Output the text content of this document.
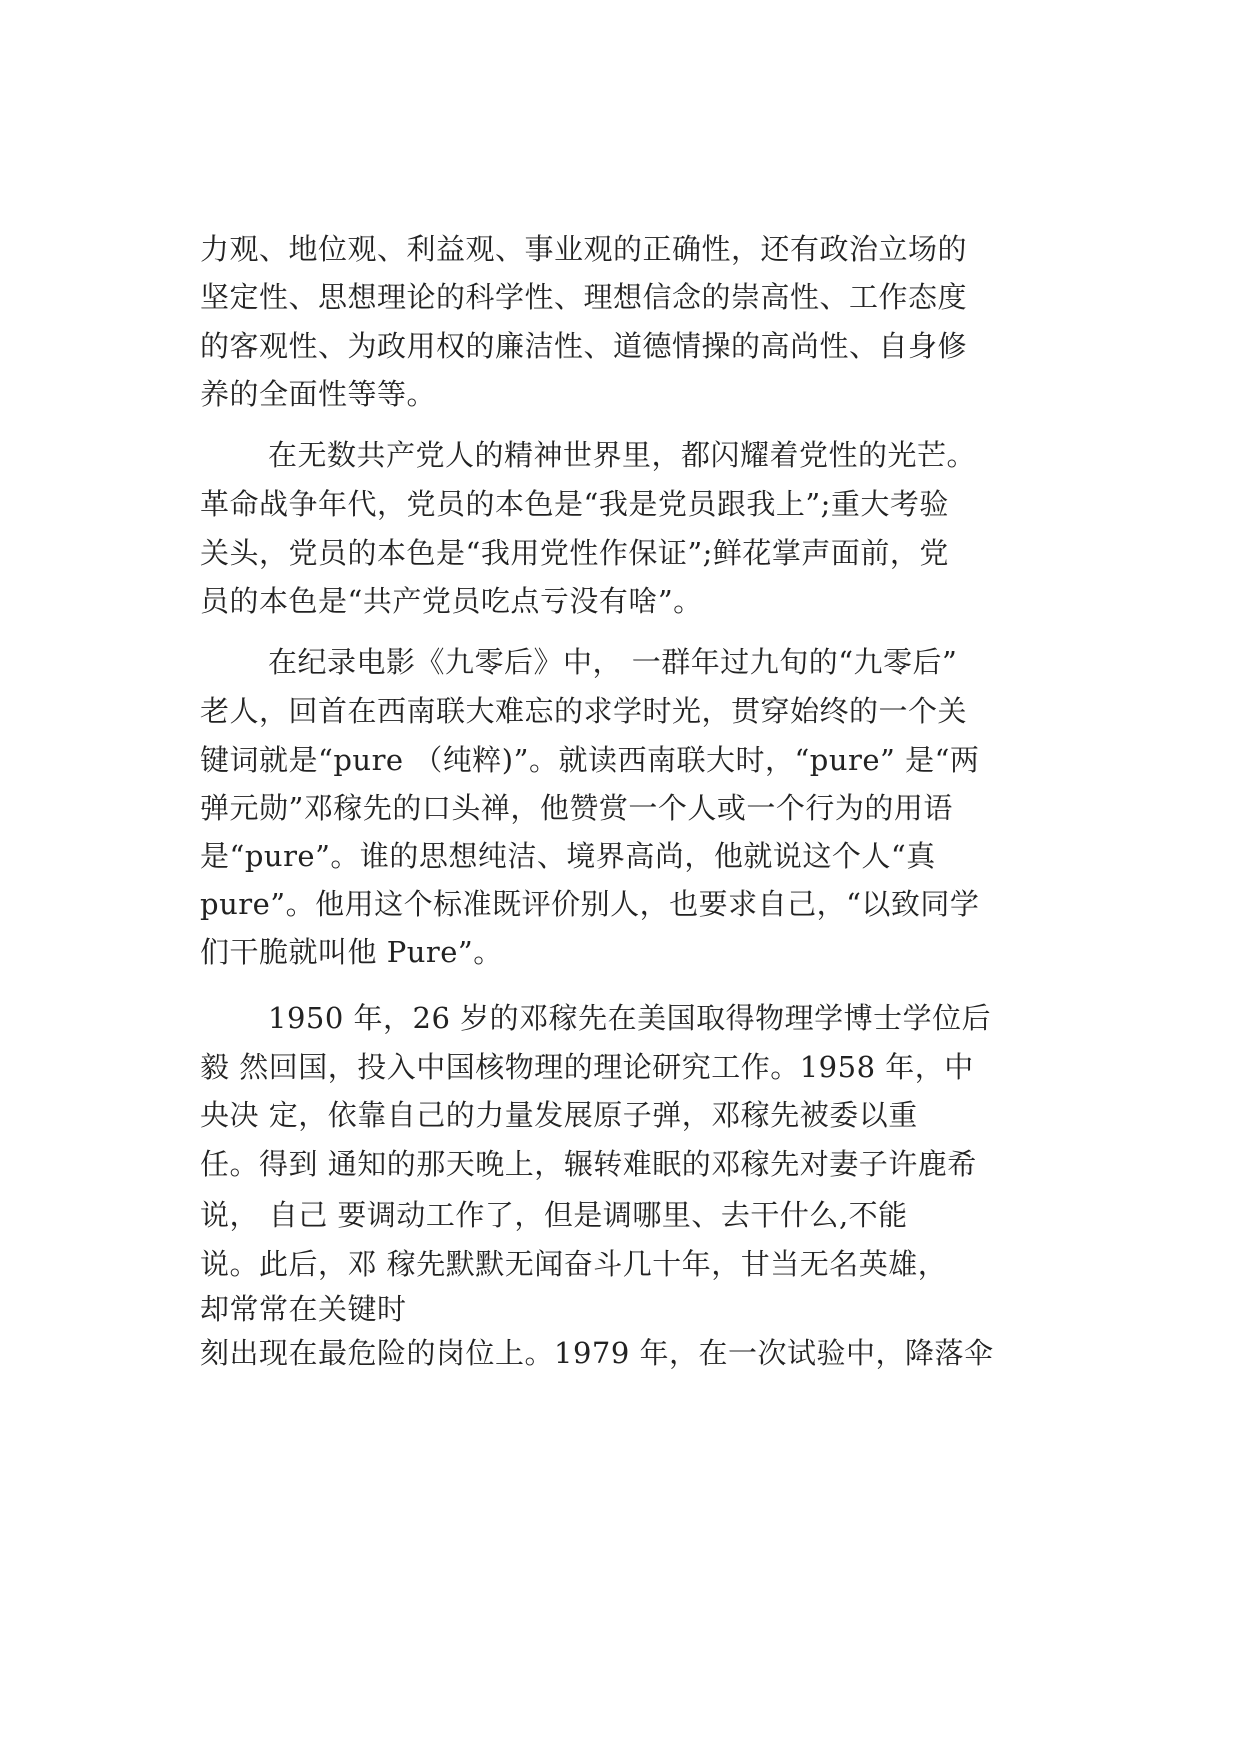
力观、地位观、利益观、事业观的正确性，还有政治立场的

坚定性、思想理论的科学性、理想信念的崇高性、工作态度

的客观性、为政用权的廉洁性、道德情操的高尚性、自身修

养的全面性等等。

在无数共产党人的精神世界里，都闪耀着党性的光芒。

革命战争年代，党员的本色是“我是党员跟我上”;重大考验

关头，党员的本色是“我用党性作保证”;鲜花掌声面前，党

员的本色是“共产党员吃点亏没有啥”。

在纪录电影《九零后》中， 一群年过九旬的“九零后”

老人，回首在西南联大难忘的求学时光，贯穿始终的一个关

键词就是“pure （纯粹)”。就读西南联大时，“pure” 是“两

弹元勋”邓稼先的口头禅，他赞赏一个人或一个行为的用语

是“pure”。谁的思想纯洁、境界高尚，他就说这个人“真

pure”。他用这个标准既评价别人，也要求自己，“以致同学

们干脆就叫他 Pure”。

1950 年，26 岁的邓稼先在美国取得物理学博士学位后

毅 然回国，投入中国核物理的理论研究工作。1958 年，中

央决 定，依靠自己的力量发展原子弹，邓稼先被委以重

任。得到 通知的那天晚上，辗转难眠的邓稼先对妻子许鹿希

说， 自己 要调动工作了，但是调哪里、去干什么,不能

说。此后，邓 稼先默默无闻奋斗几十年，甘当无名英雄，

却常常在关键时

刻出现在最危险的岗位上。1979 年，在一次试验中，降落伞
